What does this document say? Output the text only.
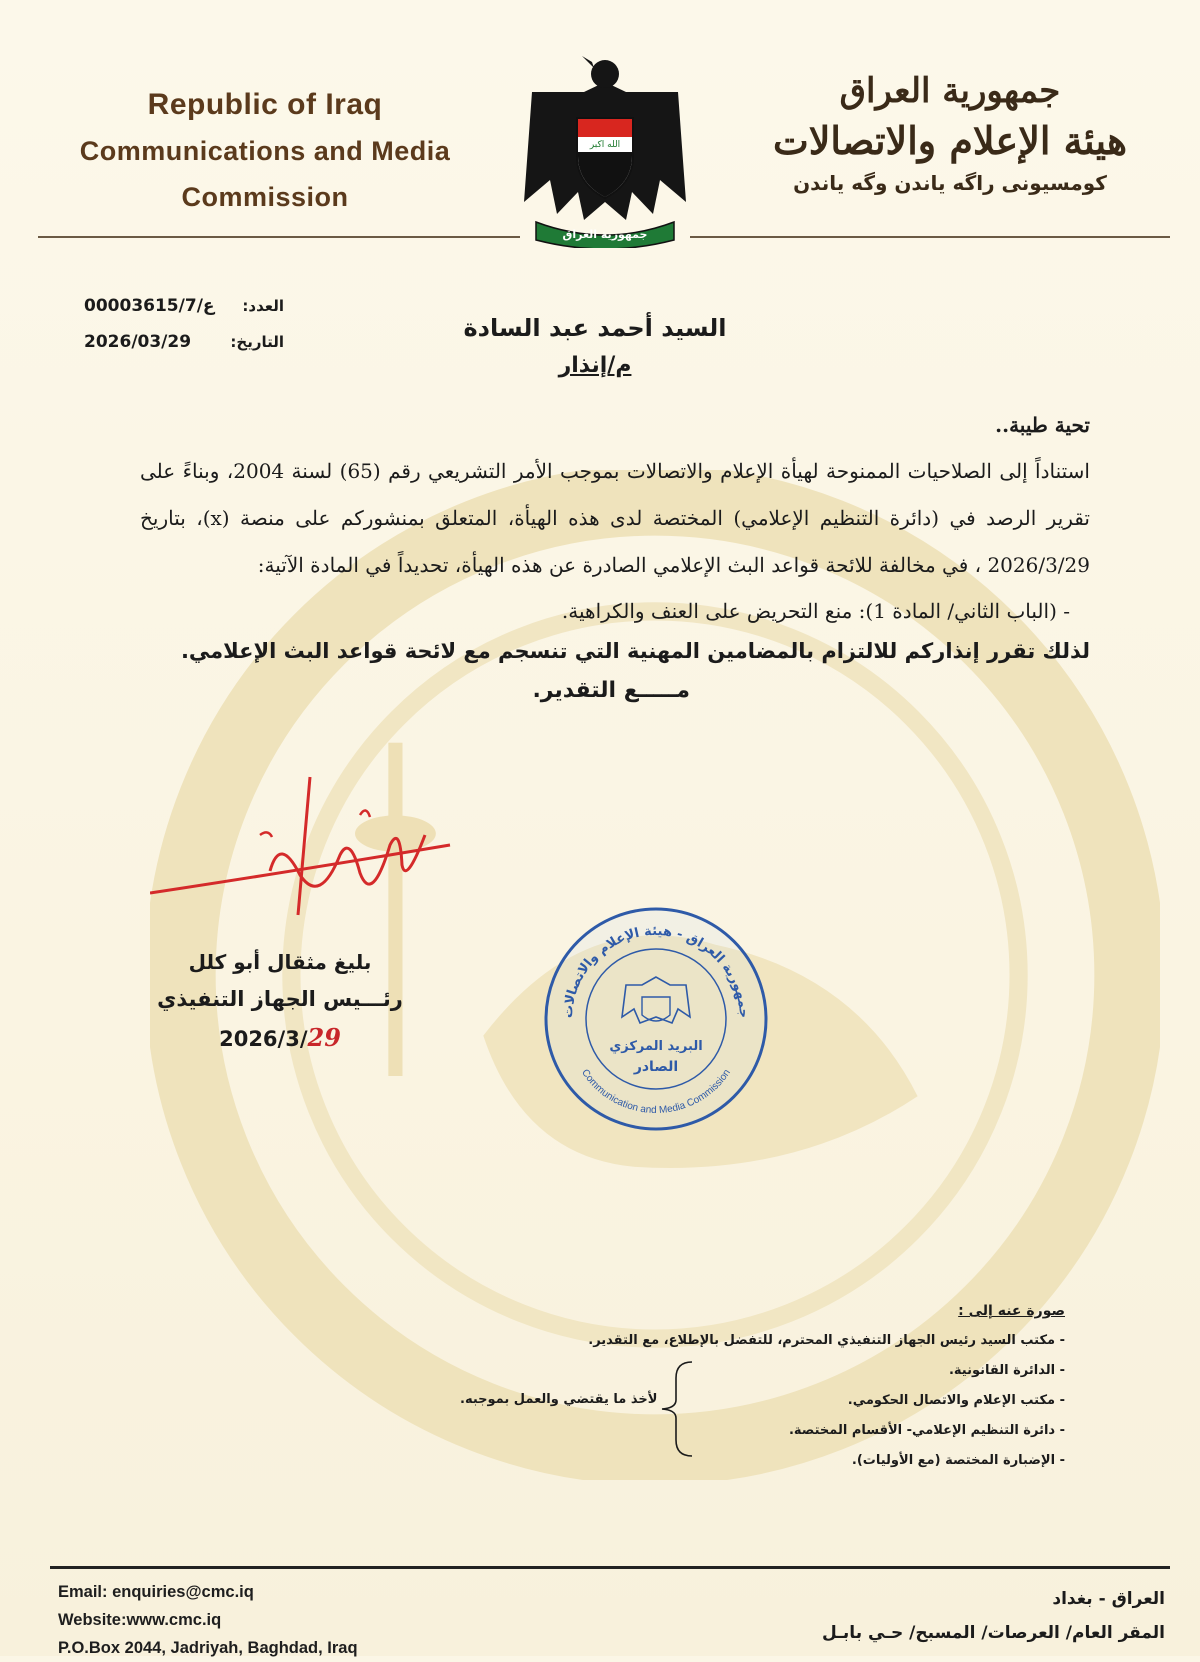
Republic of Iraq
Communications and Media
Commission
الله اكبر
جمهورية العراق
جمهورية العراق
هيئة الإعلام والاتصالات
كومسيونى راگه ياندن وگه ياندن
00003615/ع/7 العدد:
2026/03/29	التاريخ:	السيد أحمد عبد السادة
م/إنذار
تحية طيبة..
استناداً إلى الصلاحيات الممنوحة لهيأة الإعلام والاتصالات بموجب الأمر التشريعي رقم (65) لسنة 2004، وبناءً على تقرير الرصد في (دائرة التنظيم الإعلامي) المختصة لدى هذه الهيأة، المتعلق بمنشوركم على منصة (x)، بتاريخ 2026/3/29 ، في مخالفة للائحة قواعد البث الإعلامي الصادرة عن هذه الهيأة، تحديداً في المادة الآتية:
- (الباب الثاني/ المادة 1): منع التحريض على العنف والكراهية.
لذلك تقرر إنذاركم للالتزام بالمضامين المهنية التي تنسجم مع لائحة قواعد البث الإعلامي.
مـــــع التقدير.
بليغ مثقال أبو كلل
رئـــيس الجهاز التنفيذي
2026/3/29
جمهورية العراق - هيئة الإعلام والاتصالات
Communication and Media Commission
البريد المركزي
الصادر
صورة عنه إلى :
- مكتب السيد رئيس الجهاز التنفيذي المحترم، للتفضل بالإطلاع، مع التقدير.
- الدائرة القانونية.
- مكتب الإعلام والاتصال الحكومي.
- دائرة التنظيم الإعلامي- الأقسام المختصة.
- الإضبارة المختصة (مع الأوليات).
لأخذ ما يقتضي والعمل بموجبه.
Email: enquiries@cmc.iq
Website:www.cmc.iq
P.O.Box 2044, Jadriyah, Baghdad, Iraq
العراق - بغداد
المقر العام/ العرصات/ المسبح/ حـي بابـل
